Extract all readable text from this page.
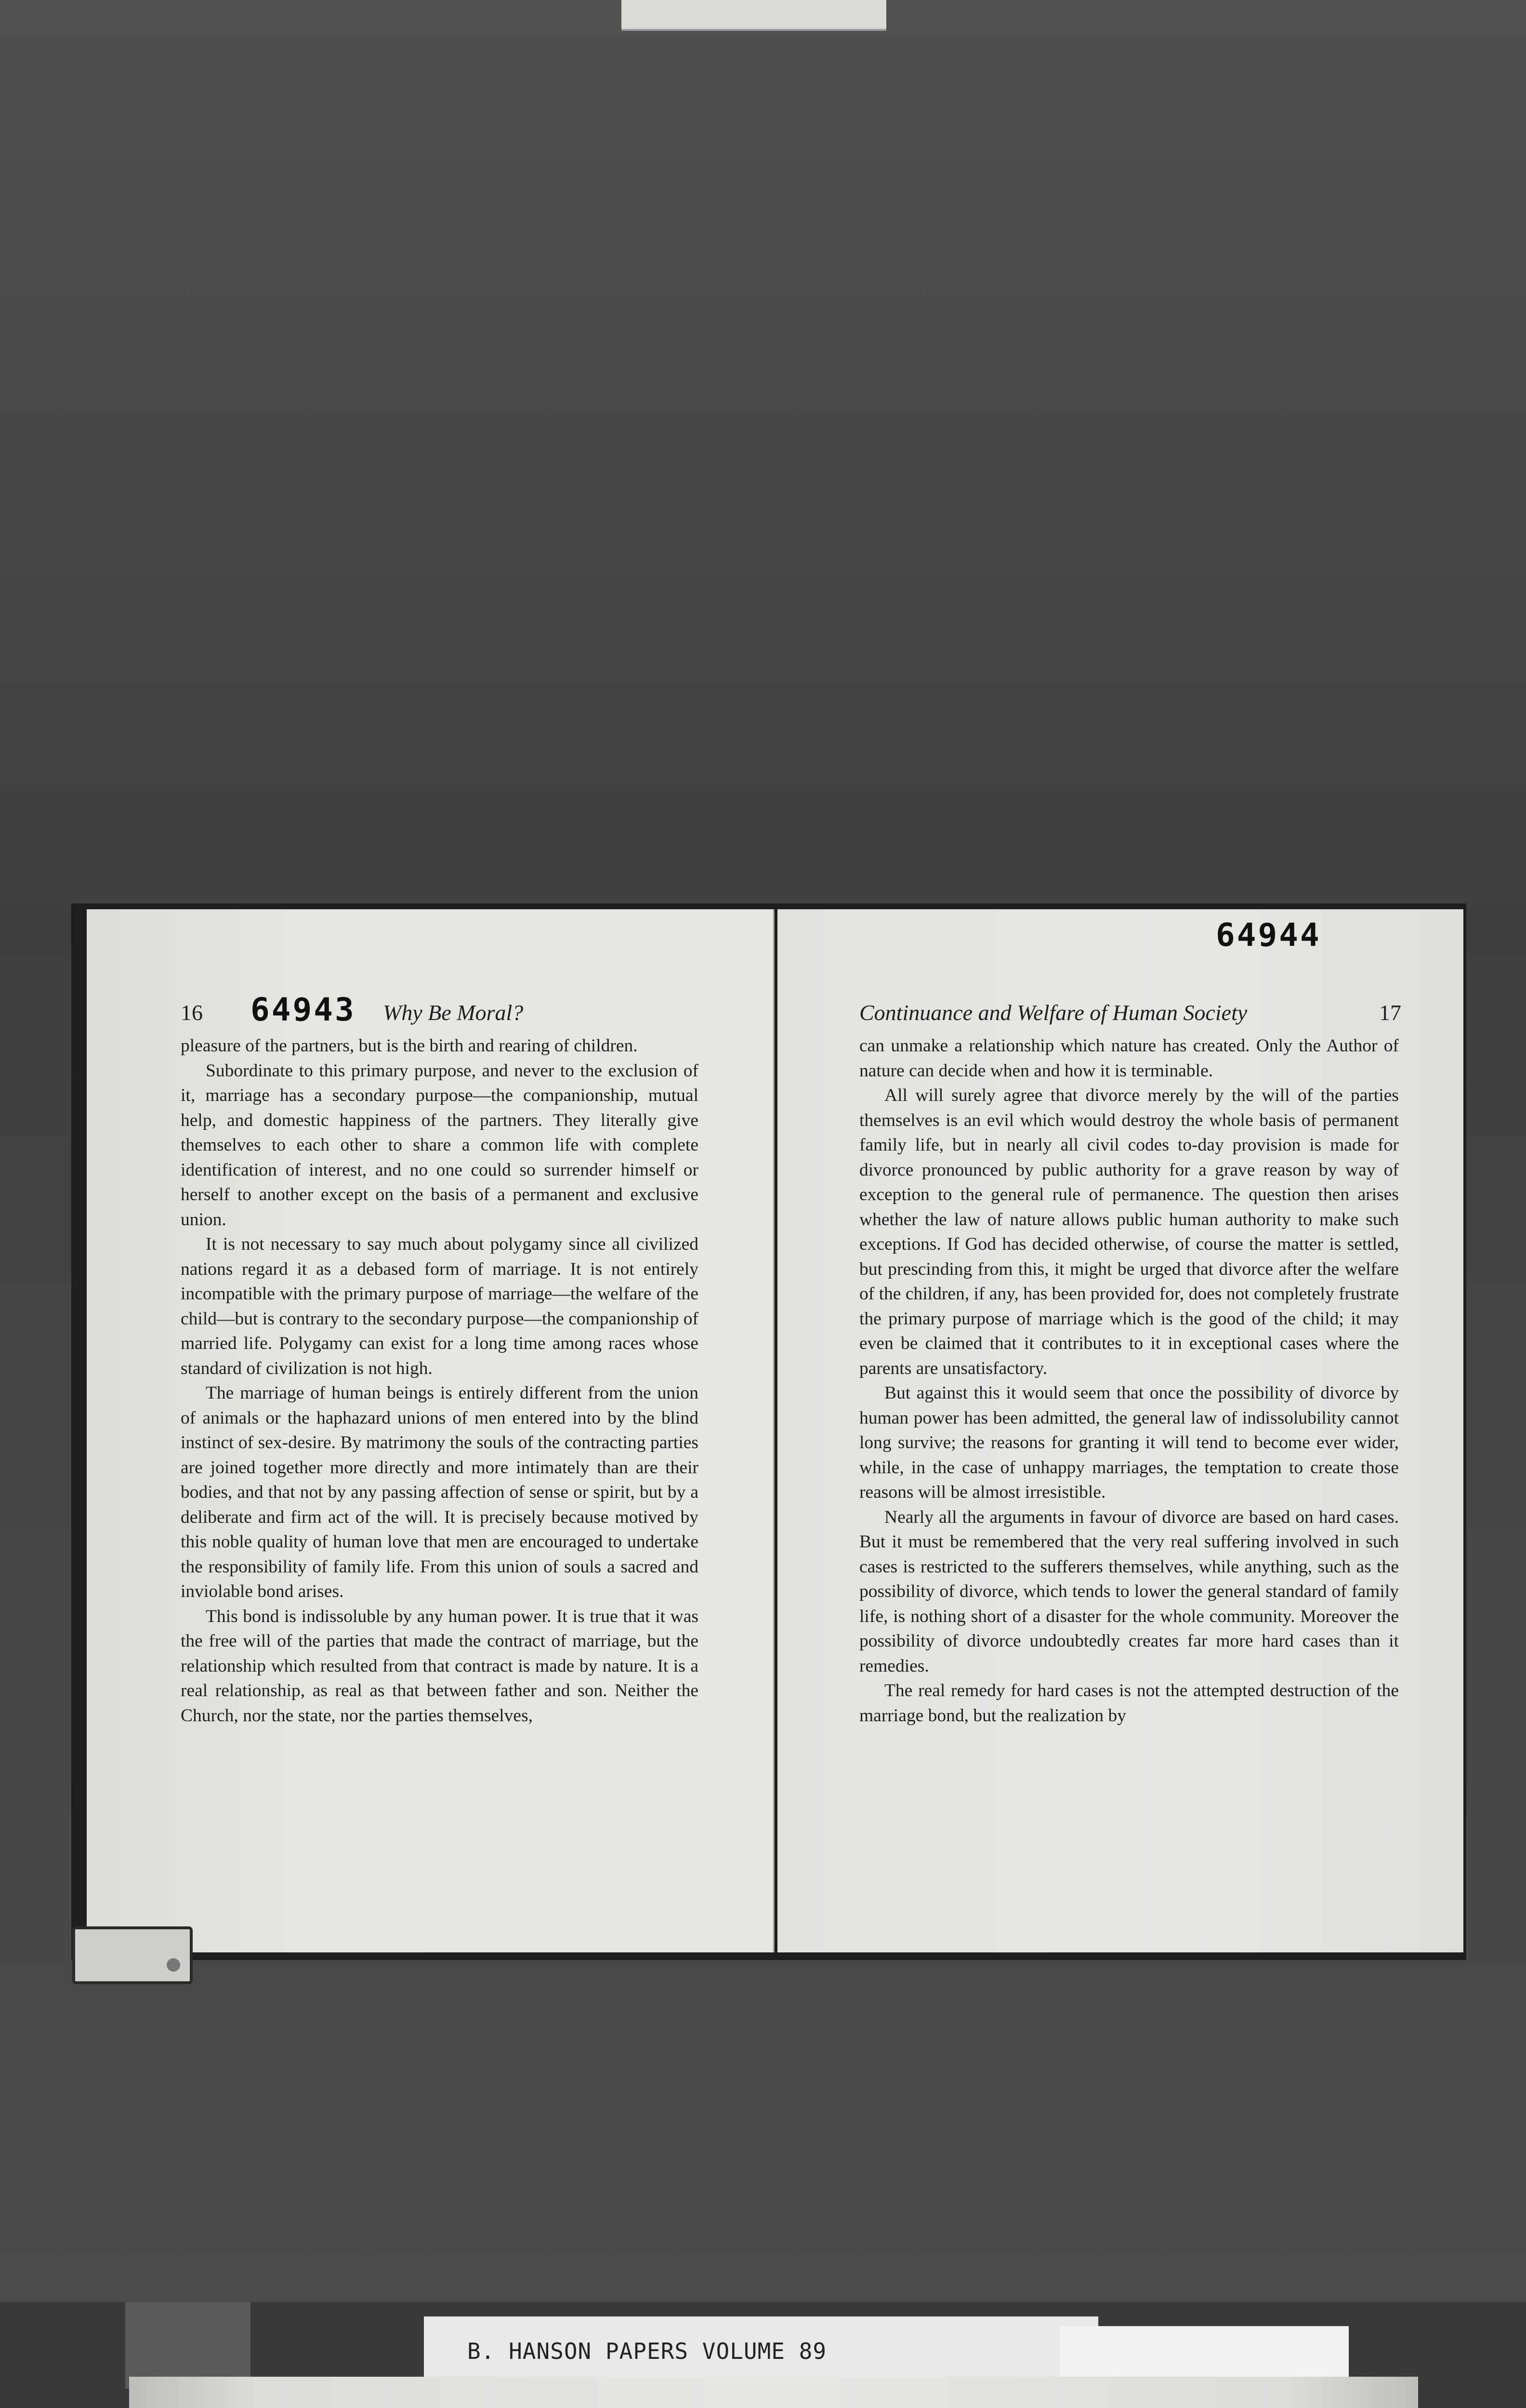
64943
16	Why Be Moral?

pleasure of the partners, but is the birth and rearing of children.

Subordinate to this primary purpose, and never to the exclusion of it, marriage has a secondary purpose—the companionship, mutual help, and domestic happiness of the partners. They literally give themselves to each other to share a common life with complete identification of interest, and no one could so surrender himself or herself to another except on the basis of a permanent and exclusive union.

It is not necessary to say much about polygamy since all civilized nations regard it as a debased form of marriage. It is not entirely incompatible with the primary purpose of marriage—the welfare of the child—but is contrary to the secondary purpose—the companionship of married life. Polygamy can exist for a long time among races whose standard of civilization is not high.

The marriage of human beings is entirely different from the union of animals or the haphazard unions of men entered into by the blind instinct of sex-desire. By matrimony the souls of the contracting parties are joined together more directly and more intimately than are their bodies, and that not by any passing affection of sense or spirit, but by a deliberate and firm act of the will. It is precisely because motived by this noble quality of human love that men are encouraged to undertake the responsibility of family life. From this union of souls a sacred and inviolable bond arises.

This bond is indissoluble by any human power. It is true that it was the free will of the parties that made the contract of marriage, but the relationship which resulted from that contract is made by nature. It is a real relationship, as real as that between father and son. Neither the Church, nor the state, nor the parties themselves,

64944
Continuance and Welfare of Human Society	17

can unmake a relationship which nature has created. Only the Author of nature can decide when and how it is terminable.

All will surely agree that divorce merely by the will of the parties themselves is an evil which would destroy the whole basis of permanent family life, but in nearly all civil codes to-day provision is made for divorce pronounced by public authority for a grave reason by way of exception to the general rule of permanence. The question then arises whether the law of nature allows public human authority to make such exceptions. If God has decided otherwise, of course the matter is settled, but prescinding from this, it might be urged that divorce after the welfare of the children, if any, has been provided for, does not completely frustrate the primary purpose of marriage which is the good of the child; it may even be claimed that it contributes to it in exceptional cases where the parents are unsatisfactory.

But against this it would seem that once the possibility of divorce by human power has been admitted, the general law of indissolubility cannot long survive; the reasons for granting it will tend to become ever wider, while, in the case of unhappy marriages, the temptation to create those reasons will be almost irresistible.

Nearly all the arguments in favour of divorce are based on hard cases. But it must be remembered that the very real suffering involved in such cases is restricted to the sufferers themselves, while anything, such as the possibility of divorce, which tends to lower the general standard of family life, is nothing short of a disaster for the whole community. Moreover the possibility of divorce undoubtedly creates far more hard cases than it remedies.

The real remedy for hard cases is not the attempted destruction of the marriage bond, but the realization by

B. HANSON PAPERS VOLUME 89
